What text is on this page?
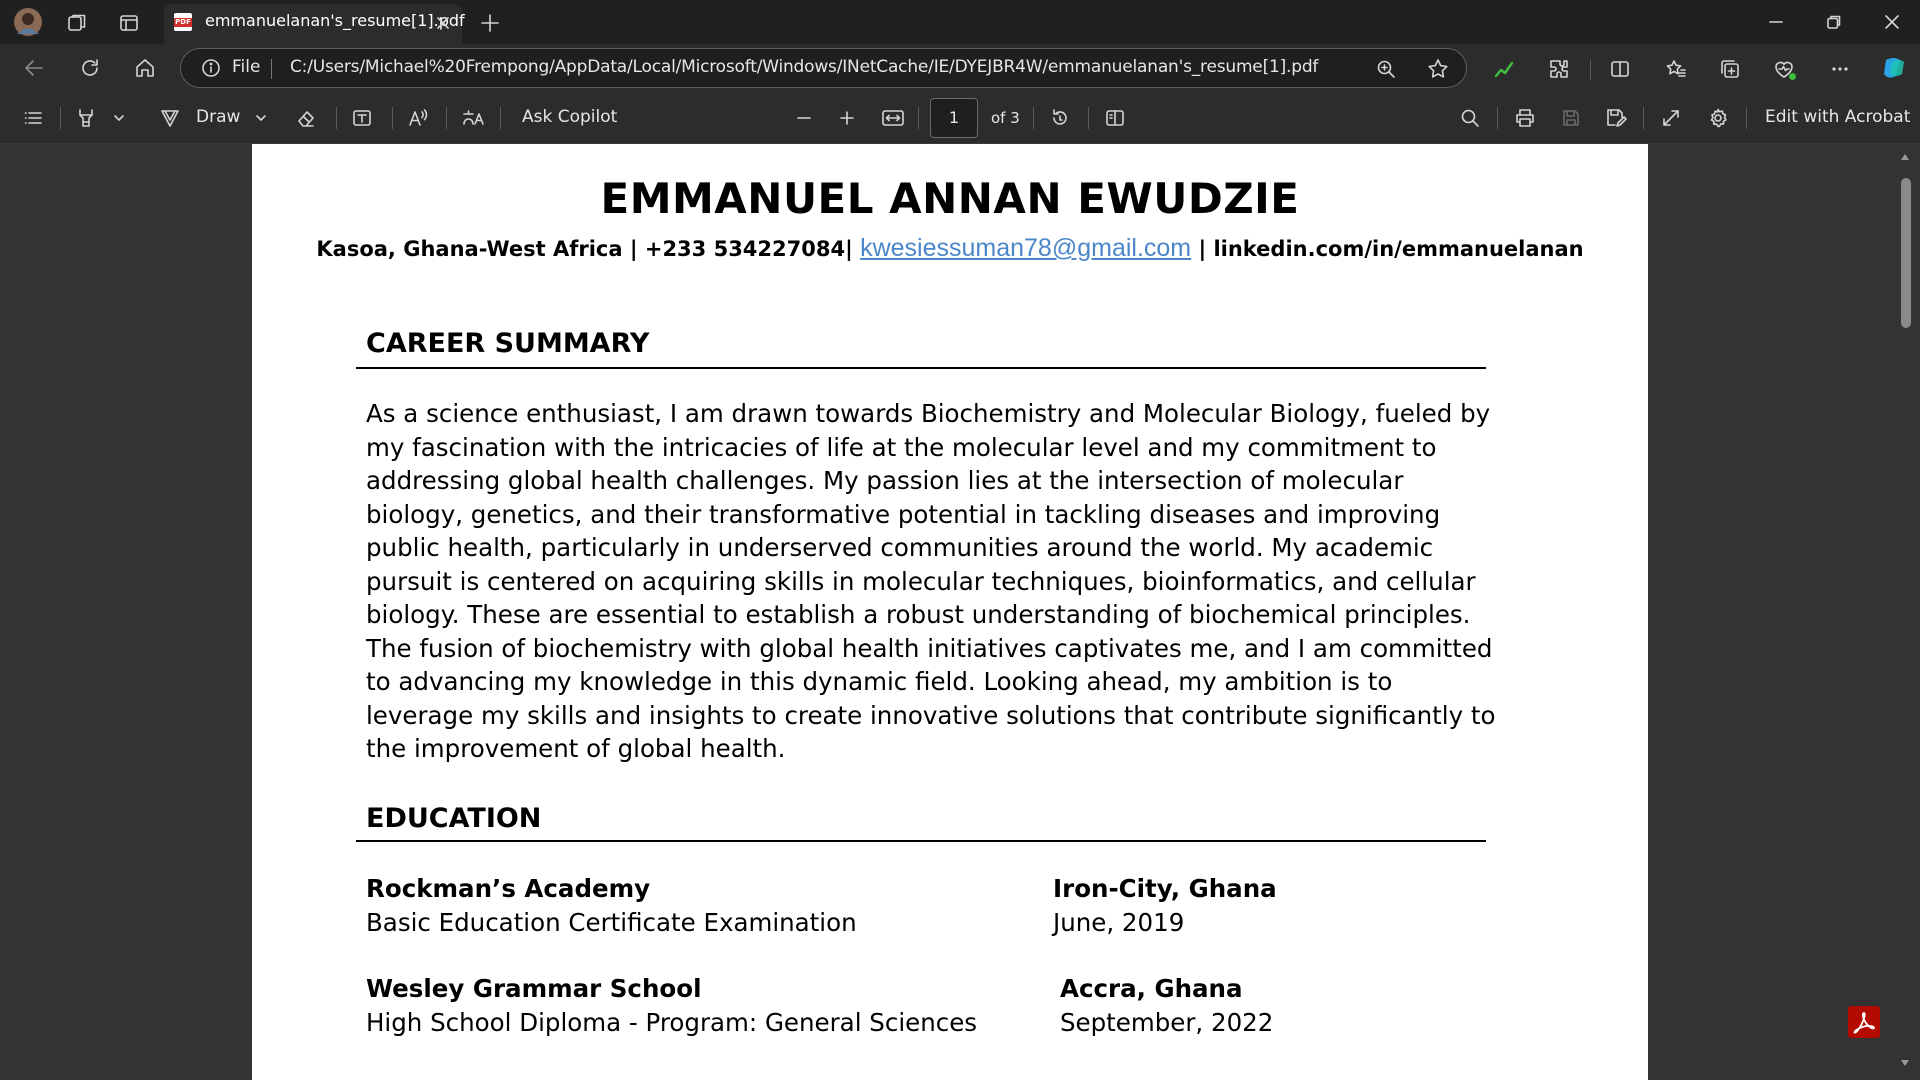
PDF emmanuelanan's_resume[1].pdf
File C:/Users/Michael%20Frempong/AppData/Local/Microsoft/Windows/INetCache/IE/DYEJBR4W/emmanuelanan's_resume[1].pdf
Draw	Ask Copilot	1	of 3	Edit with Acrobat
EMMANUEL ANNAN EWUDZIE
Kasoa, Ghana-West Africa | +233 534227084| kwesiessuman78@gmail.com | linkedin.com/in/emmanuelanan
CAREER SUMMARY
As a science enthusiast, I am drawn towards Biochemistry and Molecular Biology, fueled by my fascination with the intricacies of life at the molecular level and my commitment to addressing global health challenges. My passion lies at the intersection of molecular biology, genetics, and their transformative potential in tackling diseases and improving public health, particularly in underserved communities around the world. My academic pursuit is centered on acquiring skills in molecular techniques, bioinformatics, and cellular biology. These are essential to establish a robust understanding of biochemical principles. The fusion of biochemistry with global health initiatives captivates me, and I am committed to advancing my knowledge in this dynamic field. Looking ahead, my ambition is to leverage my skills and insights to create innovative solutions that contribute significantly to the improvement of global health.
EDUCATION
Rockman’s Academy
Basic Education Certificate Examination
Iron-City, Ghana
June, 2019
Wesley Grammar School
High School Diploma - Program: General Sciences
Accra, Ghana
September, 2022
